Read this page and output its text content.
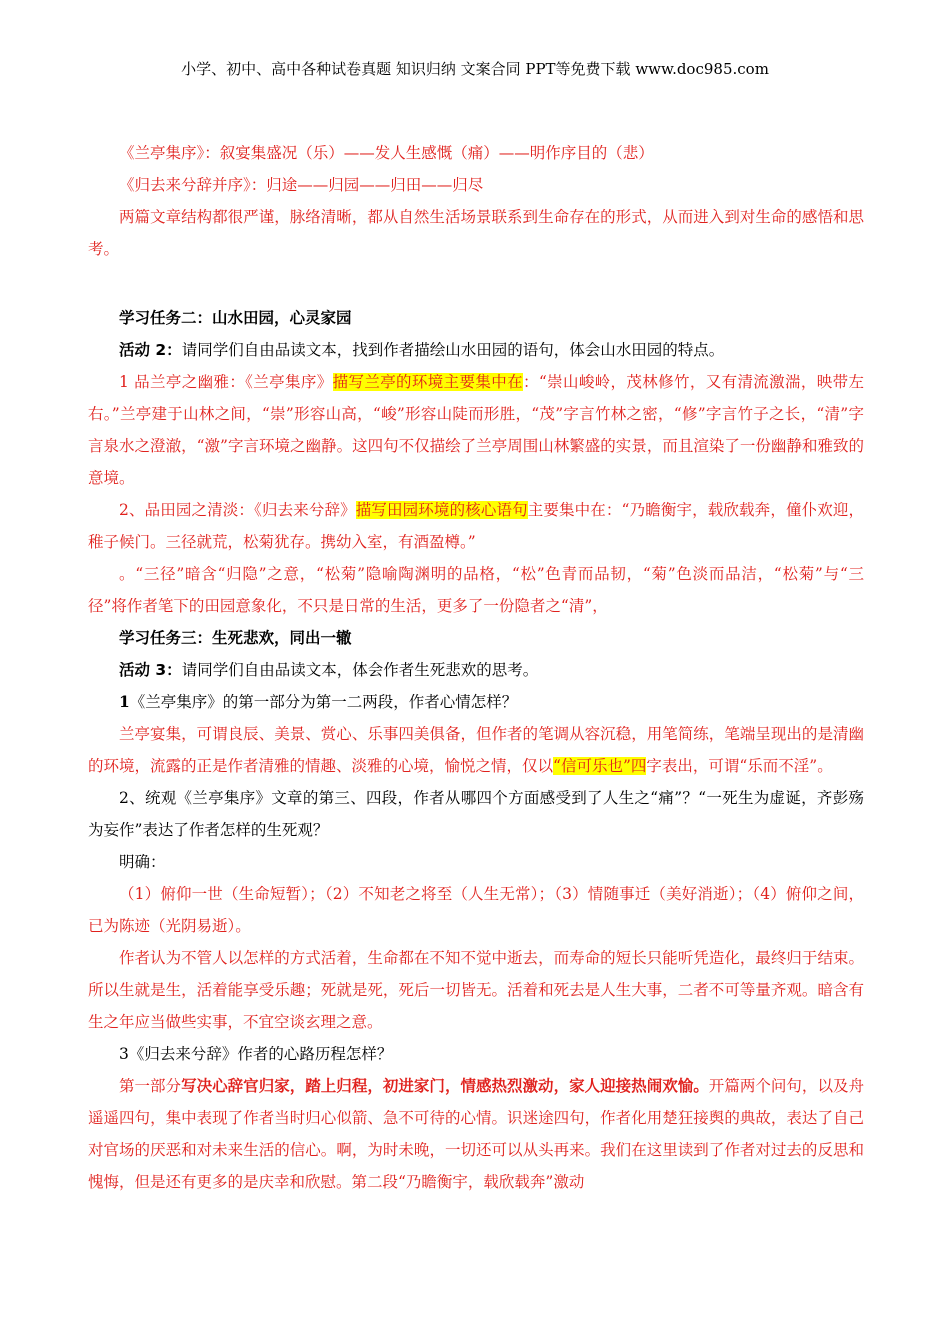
小学、初中、高中各种试卷真题 知识归纳 文案合同 PPT等免费下载 www.doc985.com

《兰亭集序》：叙宴集盛况（乐）——发人生感慨（痛）——明作序目的（悲）

《归去来兮辞并序》：归途——归园——归田——归尽

两篇文章结构都很严谨，脉络清晰，都从自然生活场景联系到生命存在的形式，从而进入到对生命的感悟和思考。

学习任务二：山水田园，心灵家园

活动 2：请同学们自由品读文本，找到作者描绘山水田园的语句，体会山水田园的特点。

1 品兰亭之幽雅：《兰亭集序》描写兰亭的环境主要集中在：“崇山峻岭，茂林修竹，又有清流激湍，映带左右。”兰亭建于山林之间，“崇”形容山高，“峻”形容山陡而形胜，“茂”字言竹林之密，“修”字言竹子之长，“清”字言泉水之澄澈，“激”字言环境之幽静。这四句不仅描绘了兰亭周围山林繁盛的实景，而且渲染了一份幽静和雅致的意境。

2、品田园之清淡：《归去来兮辞》描写田园环境的核心语句主要集中在：“乃瞻衡宇，载欣载奔，僮仆欢迎，稚子候门。三径就荒，松菊犹存。携幼入室，有酒盈樽。”

。“三径”暗含“归隐”之意，“松菊”隐喻陶渊明的品格，“松”色青而品韧，“菊”色淡而品洁，“松菊”与“三径”将作者笔下的田园意象化，不只是日常的生活，更多了一份隐者之“清”，

学习任务三：生死悲欢，同出一辙

活动 3：请同学们自由品读文本，体会作者生死悲欢的思考。

1《兰亭集序》的第一部分为第一二两段，作者心情怎样？

兰亭宴集，可谓良辰、美景、赏心、乐事四美俱备，但作者的笔调从容沉稳，用笔简练，笔端呈现出的是清幽的环境，流露的正是作者清雅的情趣、淡雅的心境，愉悦之情，仅以“信可乐也”四字表出，可谓“乐而不淫”。

2、统观《兰亭集序》文章的第三、四段，作者从哪四个方面感受到了人生之“痛”？“一死生为虚诞，齐彭殇为妄作”表达了作者怎样的生死观？

明确：

（1）俯仰一世（生命短暂）；（2）不知老之将至（人生无常）；（3）情随事迁（美好消逝）；（4）俯仰之间，已为陈迹（光阴易逝）。

作者认为不管人以怎样的方式活着，生命都在不知不觉中逝去，而寿命的短长只能听凭造化，最终归于结束。所以生就是生，活着能享受乐趣；死就是死，死后一切皆无。活着和死去是人生大事，二者不可等量齐观。暗含有生之年应当做些实事，不宜空谈玄理之意。

3《归去来兮辞》作者的心路历程怎样？

第一部分写决心辞官归家，踏上归程，初进家门，情感热烈激动，家人迎接热闹欢愉。开篇两个问句，以及舟遥遥四句，集中表现了作者当时归心似箭、急不可待的心情。识迷途四句，作者化用楚狂接舆的典故，表达了自己对官场的厌恶和对未来生活的信心。啊，为时未晚，一切还可以从头再来。我们在这里读到了作者对过去的反思和愧悔，但是还有更多的是庆幸和欣慰。第二段“乃瞻衡宇，载欣载奔”激动
